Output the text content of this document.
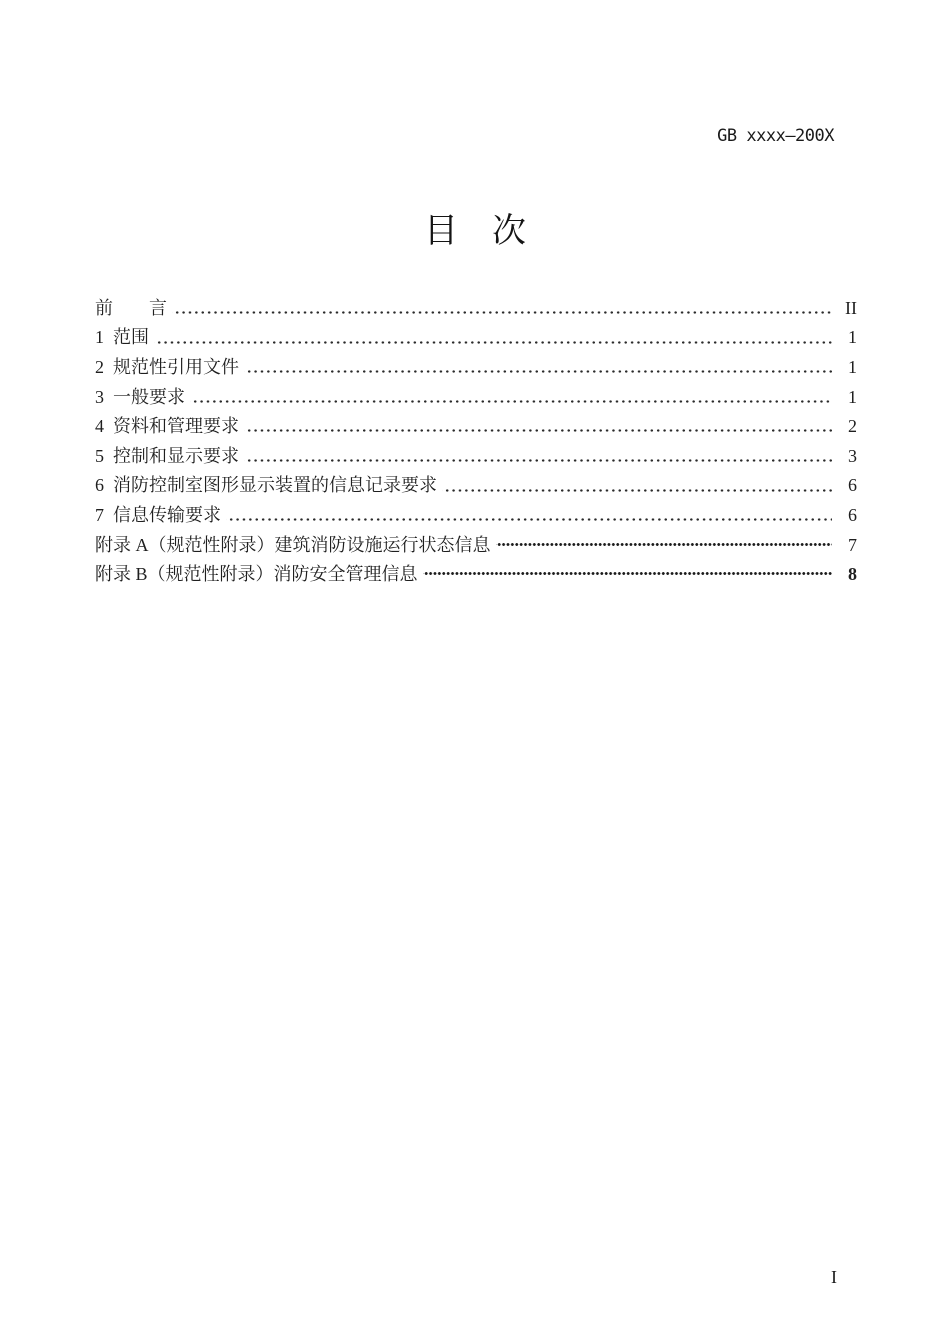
GB xxxx—200X
目　次
前　　言	II
1 范围	1
2 规范性引用文件	1
3 一般要求	1
4 资料和管理要求	2
5 控制和显示要求	3
6 消防控制室图形显示装置的信息记录要求	6
7 信息传输要求	6
附录 A（规范性附录）建筑消防设施运行状态信息	7
附录 B（规范性附录）消防安全管理信息	8
I
